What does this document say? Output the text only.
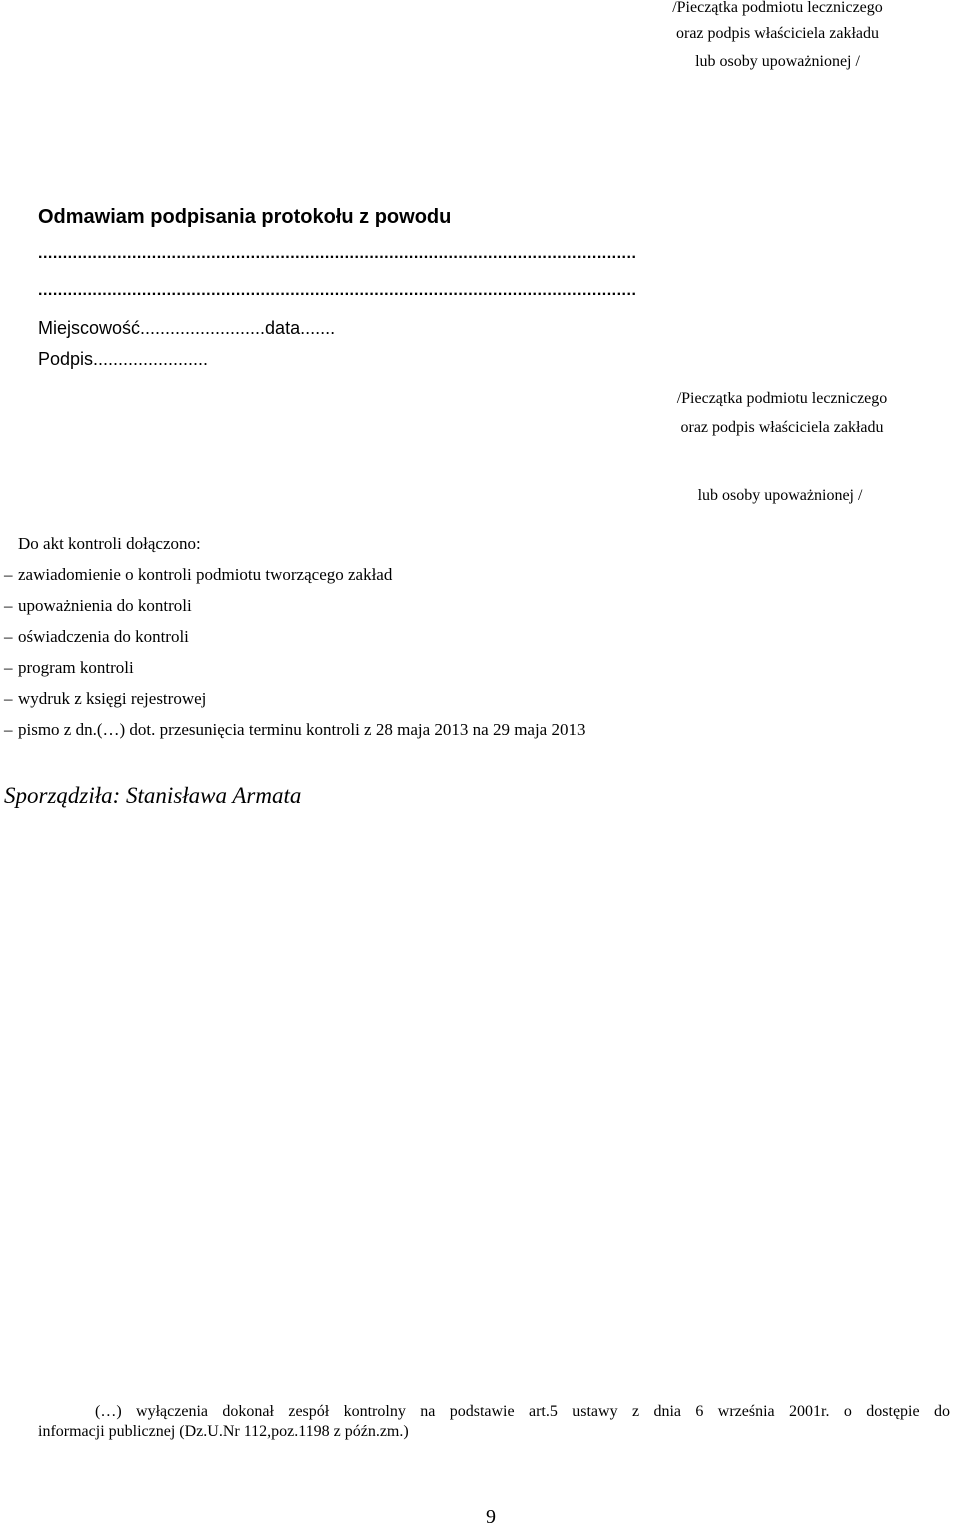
/Pieczątka podmiotu leczniczego
oraz podpis właściciela zakładu
lub osoby upoważnionej /
Odmawiam podpisania protokołu z powodu
.........................................................................................................................
.........................................................................................................................
Miejscowość.........................data.......
Podpis.......................
/Pieczątka podmiotu leczniczego
oraz podpis właściciela zakładu
lub osoby upoważnionej /
Do akt kontroli dołączono:
– zawiadomienie o kontroli podmiotu tworzącego zakład
– upoważnienia do kontroli
– oświadczenia do kontroli
– program kontroli
– wydruk z księgi rejestrowej
– pismo z dn.(…) dot. przesunięcia terminu kontroli z 28 maja 2013 na 29 maja 2013
Sporządziła: Stanisława Armata
(…) wyłączenia dokonał zespół kontrolny na podstawie art.5 ustawy z dnia 6 września 2001r. o dostępie do
informacji publicznej (Dz.U.Nr 112,poz.1198 z późn.zm.)
9
